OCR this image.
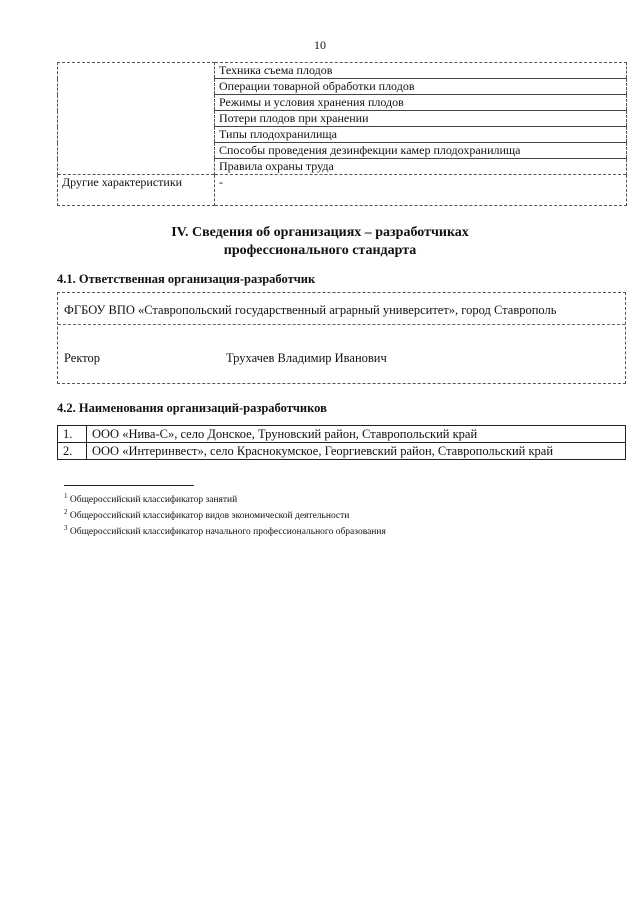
10
	Техника съема плодов
	Операции товарной обработки плодов
	Режимы и условия хранения плодов
	Потери плодов при хранении
	Типы плодохранилища
	Способы проведения дезинфекции камер плодохранилища
	Правила охраны труда
Другие характеристики	-
IV. Сведения об организациях – разработчиках
профессионального стандарта
4.1. Ответственная организация-разработчик
ФГБОУ ВПО «Ставропольский государственный аграрный университет», город Ставрополь
Ректор	Трухачев Владимир Иванович
4.2. Наименования организаций-разработчиков
1.	ООО «Нива-С», село Донское, Труновский район, Ставропольский край
2.	ООО «Интеринвест», село Краснокумское, Георгиевский район, Ставропольский край
$^1$ Общероссийский классификатор занятий
$^2$ Общероссийский классификатор видов экономической деятельности
$^3$ Общероссийский классификатор начального профессионального образования
